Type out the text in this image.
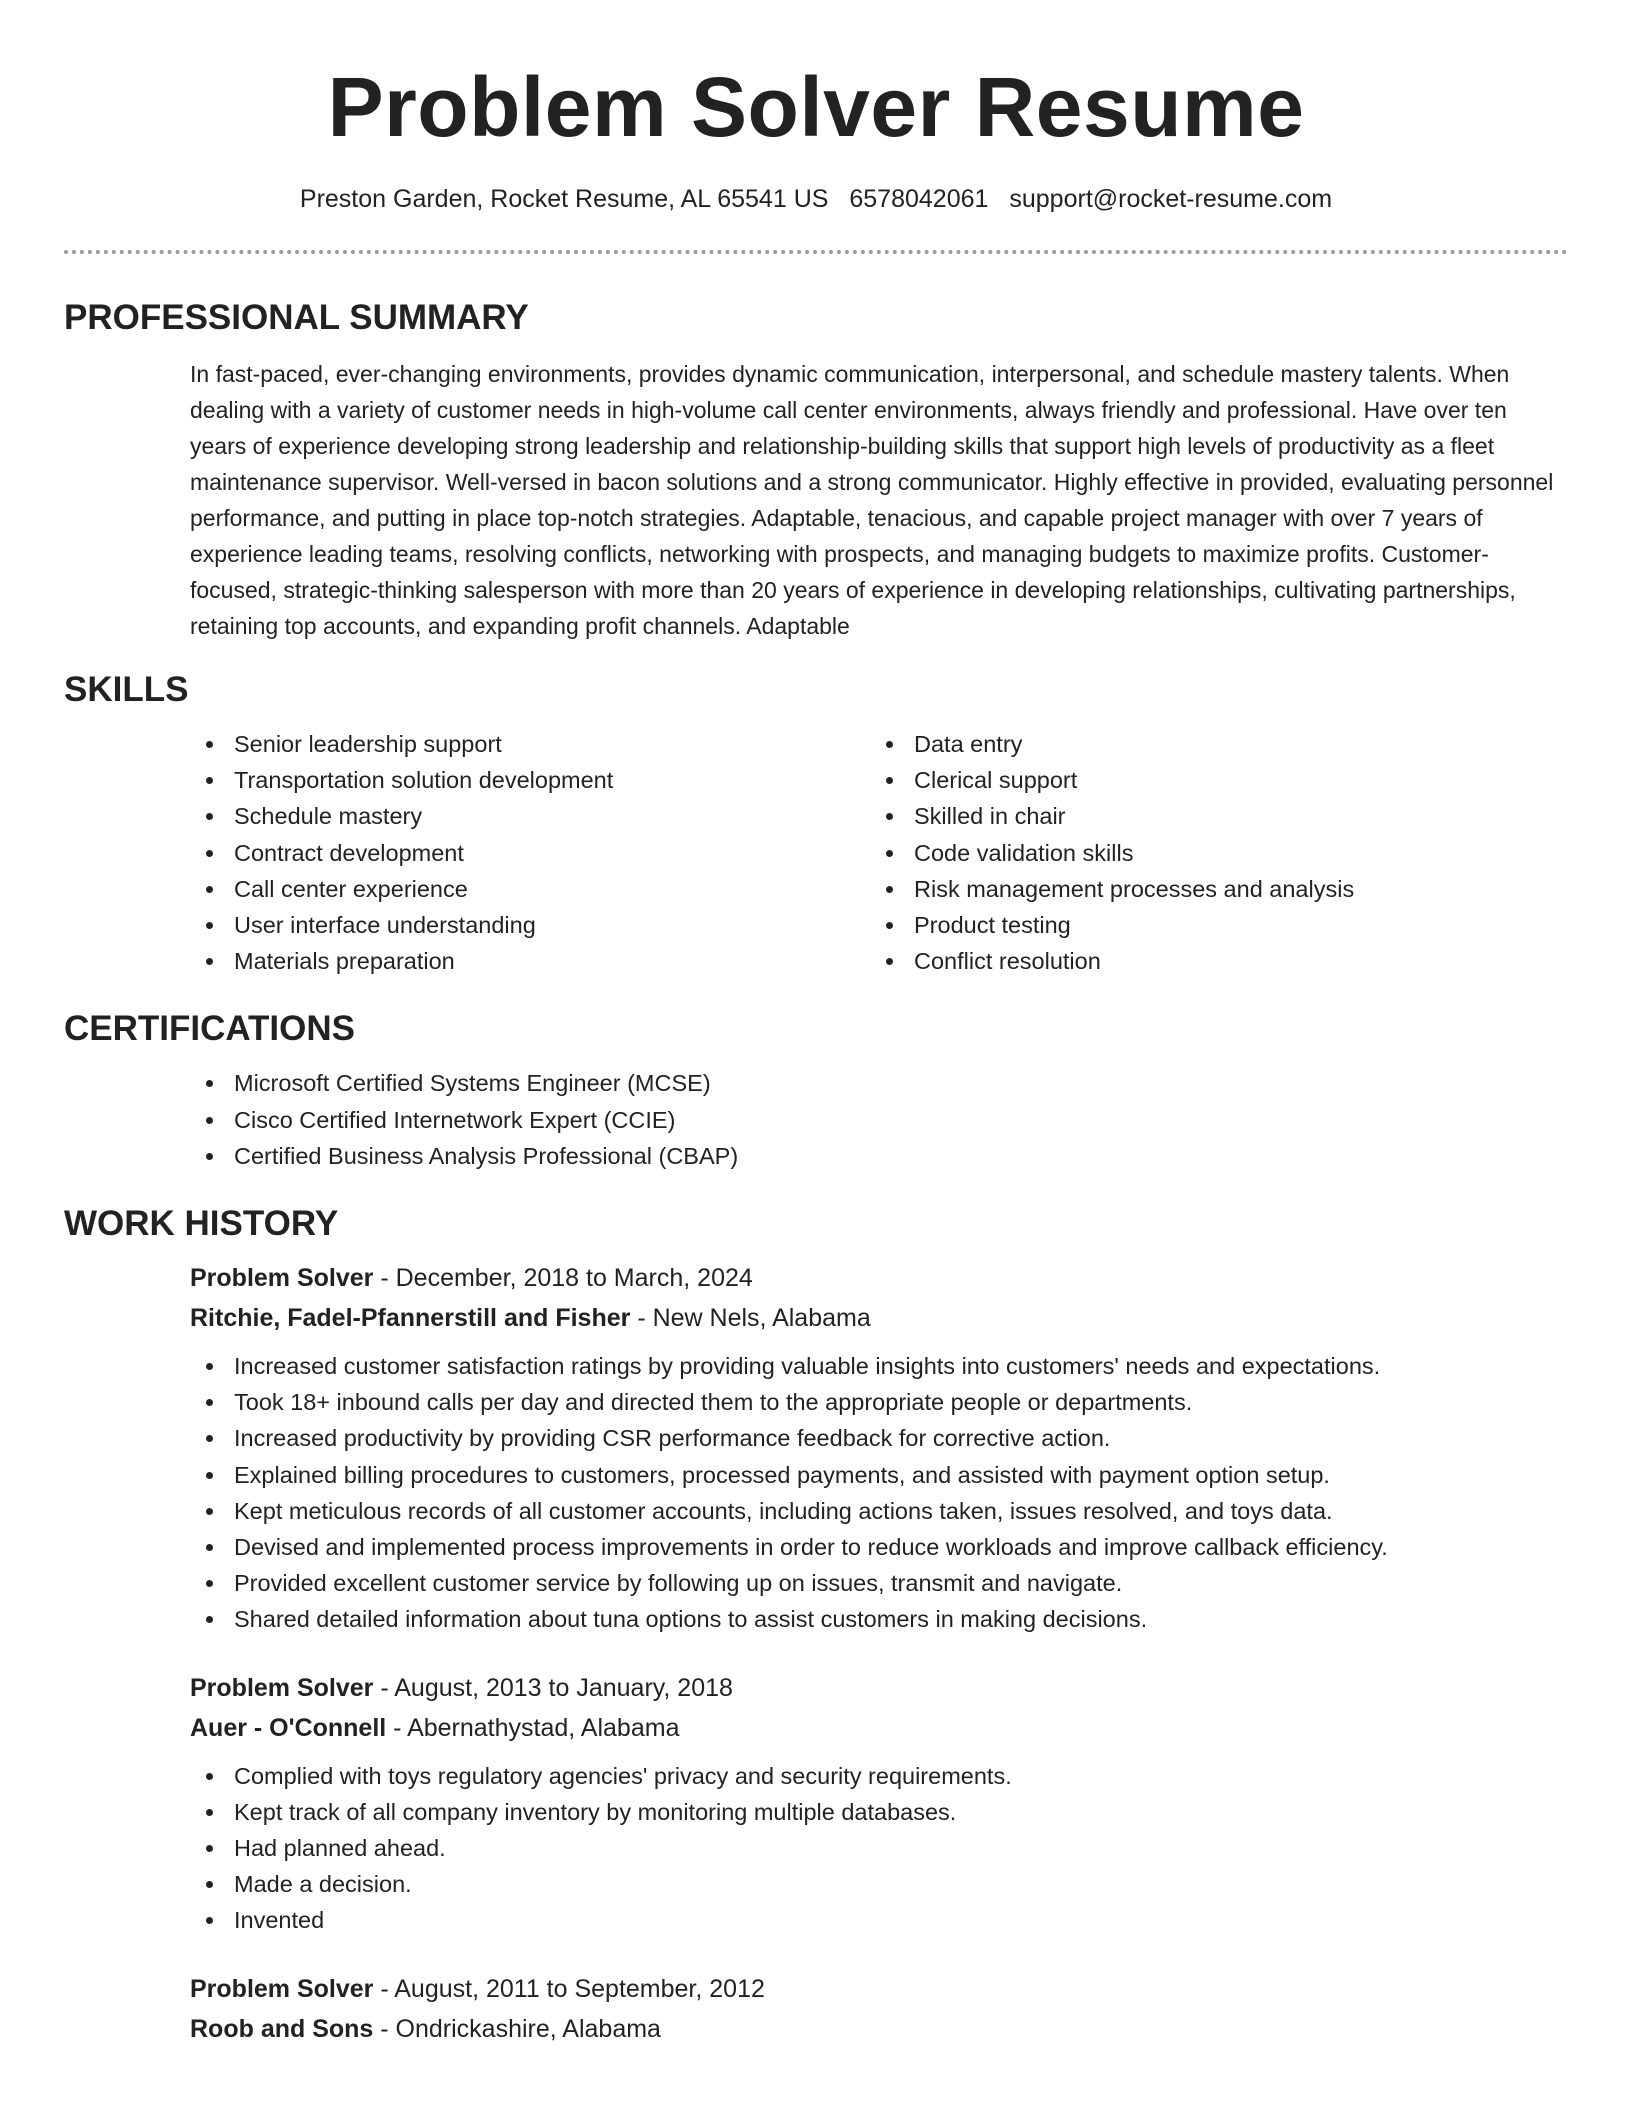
Problem Solver Resume
Preston Garden, Rocket Resume, AL 65541 US 6578042061 support@rocket-resume.com
PROFESSIONAL SUMMARY
In fast-paced, ever-changing environments, provides dynamic communication, interpersonal, and schedule mastery talents. When dealing with a variety of customer needs in high-volume call center environments, always friendly and professional. Have over ten years of experience developing strong leadership and relationship-building skills that support high levels of productivity as a fleet maintenance supervisor. Well-versed in bacon solutions and a strong communicator. Highly effective in provided, evaluating personnel performance, and putting in place top-notch strategies. Adaptable, tenacious, and capable project manager with over 7 years of experience leading teams, resolving conflicts, networking with prospects, and managing budgets to maximize profits. Customer-focused, strategic-thinking salesperson with more than 20 years of experience in developing relationships, cultivating partnerships, retaining top accounts, and expanding profit channels. Adaptable
SKILLS
Senior leadership support
Transportation solution development
Schedule mastery
Contract development
Call center experience
User interface understanding
Materials preparation
Data entry
Clerical support
Skilled in chair
Code validation skills
Risk management processes and analysis
Product testing
Conflict resolution
CERTIFICATIONS
Microsoft Certified Systems Engineer (MCSE)
Cisco Certified Internetwork Expert (CCIE)
Certified Business Analysis Professional (CBAP)
WORK HISTORY
Problem Solver - December, 2018 to March, 2024
Ritchie, Fadel-Pfannerstill and Fisher - New Nels, Alabama
Increased customer satisfaction ratings by providing valuable insights into customers' needs and expectations.
Took 18+ inbound calls per day and directed them to the appropriate people or departments.
Increased productivity by providing CSR performance feedback for corrective action.
Explained billing procedures to customers, processed payments, and assisted with payment option setup.
Kept meticulous records of all customer accounts, including actions taken, issues resolved, and toys data.
Devised and implemented process improvements in order to reduce workloads and improve callback efficiency.
Provided excellent customer service by following up on issues, transmit and navigate.
Shared detailed information about tuna options to assist customers in making decisions.
Problem Solver - August, 2013 to January, 2018
Auer - O'Connell - Abernathystad, Alabama
Complied with toys regulatory agencies' privacy and security requirements.
Kept track of all company inventory by monitoring multiple databases.
Had planned ahead.
Made a decision.
Invented
Problem Solver - August, 2011 to September, 2012
Roob and Sons - Ondrickashire, Alabama
